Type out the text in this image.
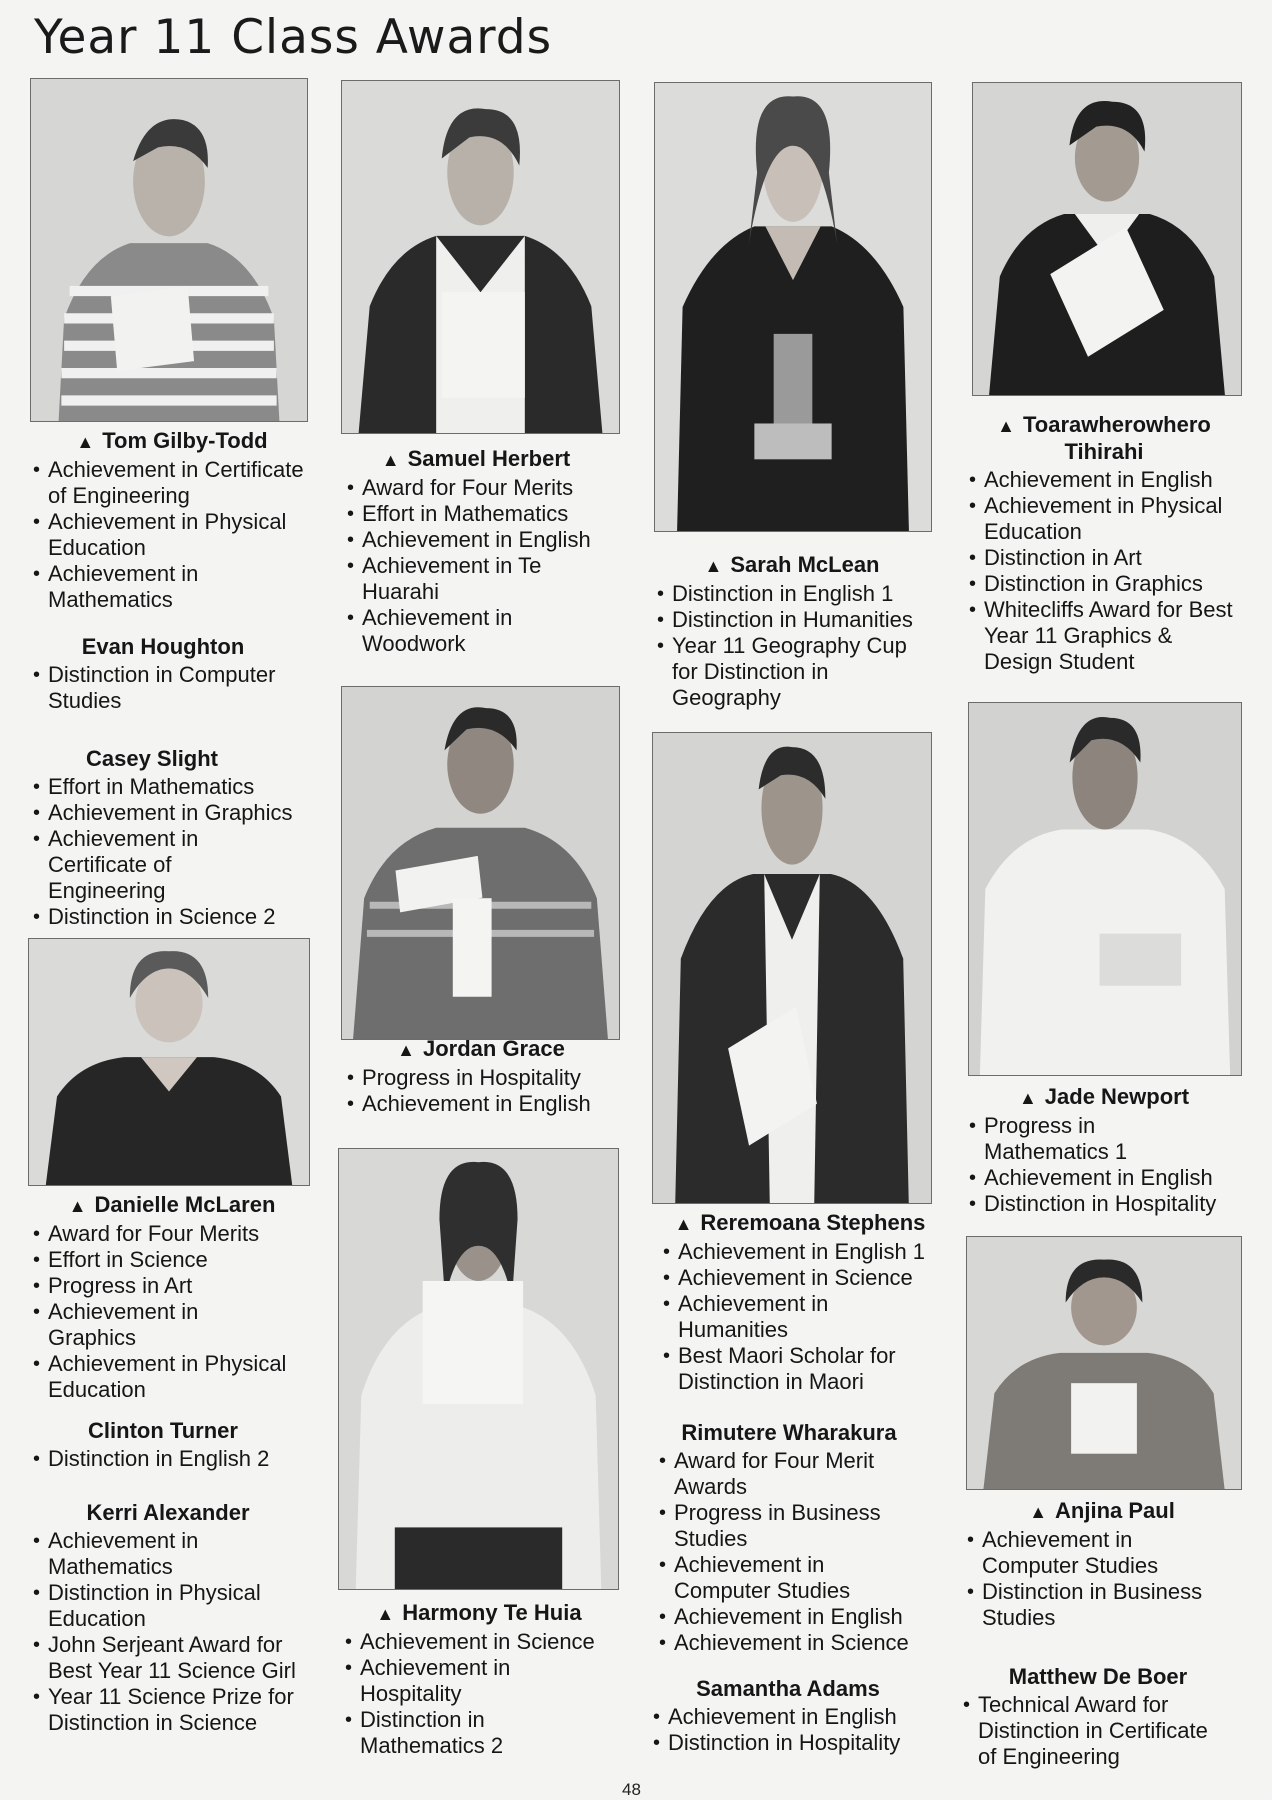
Year 11 Class Awards
▲ Tom Gilby-Todd
• Achievement in Certificate of Engineering
• Achievement in Physical Education
• Achievement in Mathematics
Evan Houghton
• Distinction in Computer Studies
Casey Slight
• Effort in Mathematics
• Achievement in Graphics
• Achievement in Certificate of Engineering
• Distinction in Science 2
▲ Danielle McLaren
• Award for Four Merits
• Effort in Science
• Progress in Art
• Achievement in Graphics
• Achievement in Physical Education
Clinton Turner
• Distinction in English 2
Kerri Alexander
• Achievement in Mathematics
• Distinction in Physical Education
• John Serjeant Award for Best Year 11 Science Girl
• Year 11 Science Prize for Distinction in Science
▲ Samuel Herbert
• Award for Four Merits
• Effort in Mathematics
• Achievement in English
• Achievement in Te Huarahi
• Achievement in Woodwork
▲ Jordan Grace
• Progress in Hospitality
• Achievement in English
▲ Harmony Te Huia
• Achievement in Science
• Achievement in Hospitality
• Distinction in Mathematics 2
▲ Sarah McLean
• Distinction in English 1
• Distinction in Humanities
• Year 11 Geography Cup for Distinction in Geography
▲ Reremoana Stephens
• Achievement in English 1
• Achievement in Science
• Achievement in Humanities
• Best Maori Scholar for Distinction in Maori
Rimutere Wharakura
• Award for Four Merit Awards
• Progress in Business Studies
• Achievement in Computer Studies
• Achievement in English
• Achievement in Science
Samantha Adams
• Achievement in English
• Distinction in Hospitality
▲ Toarawherowhero Tihirahi
• Achievement in English
• Achievement in Physical Education
• Distinction in Art
• Distinction in Graphics
• Whitecliffs Award for Best Year 11 Graphics & Design Student
▲ Jade Newport
• Progress in Mathematics 1
• Achievement in English
• Distinction in Hospitality
▲ Anjina Paul
• Achievement in Computer Studies
• Distinction in Business Studies
Matthew De Boer
• Technical Award for Distinction in Certificate of Engineering
48
